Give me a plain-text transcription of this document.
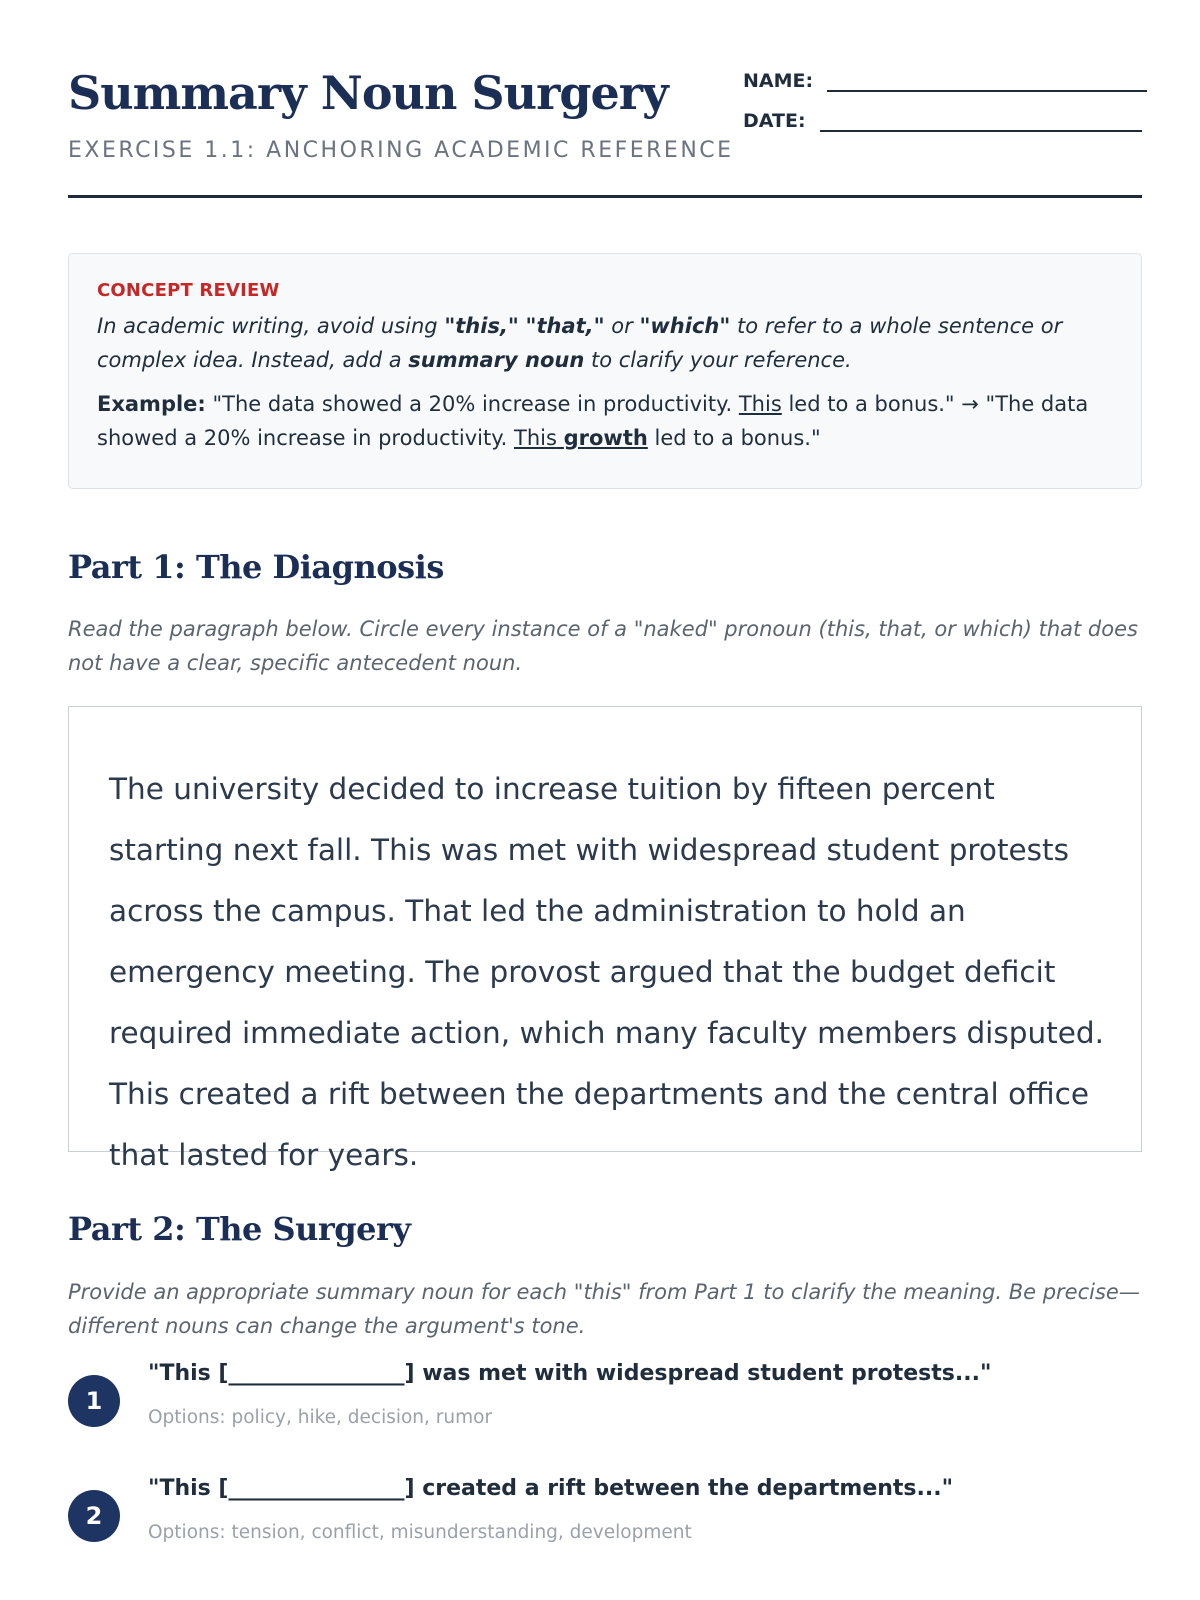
Summary Noun Surgery
EXERCISE 1.1: ANCHORING ACADEMIC REFERENCE
NAME:
DATE:
CONCEPT REVIEW

In academic writing, avoid using "this," "that," or "which" to refer to a whole sentence or complex idea. Instead, add a summary noun to clarify your reference.

Example: "The data showed a 20% increase in productivity. This led to a bonus." → "The data showed a 20% increase in productivity. This growth led to a bonus."

Part 1: The Diagnosis

Read the paragraph below. Circle every instance of a "naked" pronoun (this, that, or which) that does not have a clear, specific antecedent noun.

The university decided to increase tuition by fifteen percent starting next fall. This was met with widespread student protests across the campus. That led the administration to hold an emergency meeting. The provost argued that the budget deficit required immediate action, which many faculty members disputed. This created a rift between the departments and the central office that lasted for years.

Part 2: The Surgery

Provide an appropriate summary noun for each "this" from Part 1 to clarify the meaning. Be precise—different nouns can change the argument's tone.

1

"This [________________] was met with widespread student protests..."

Options: policy, hike, decision, rumor

2

"This [________________] created a rift between the departments..."

Options: tension, conflict, misunderstanding, development
